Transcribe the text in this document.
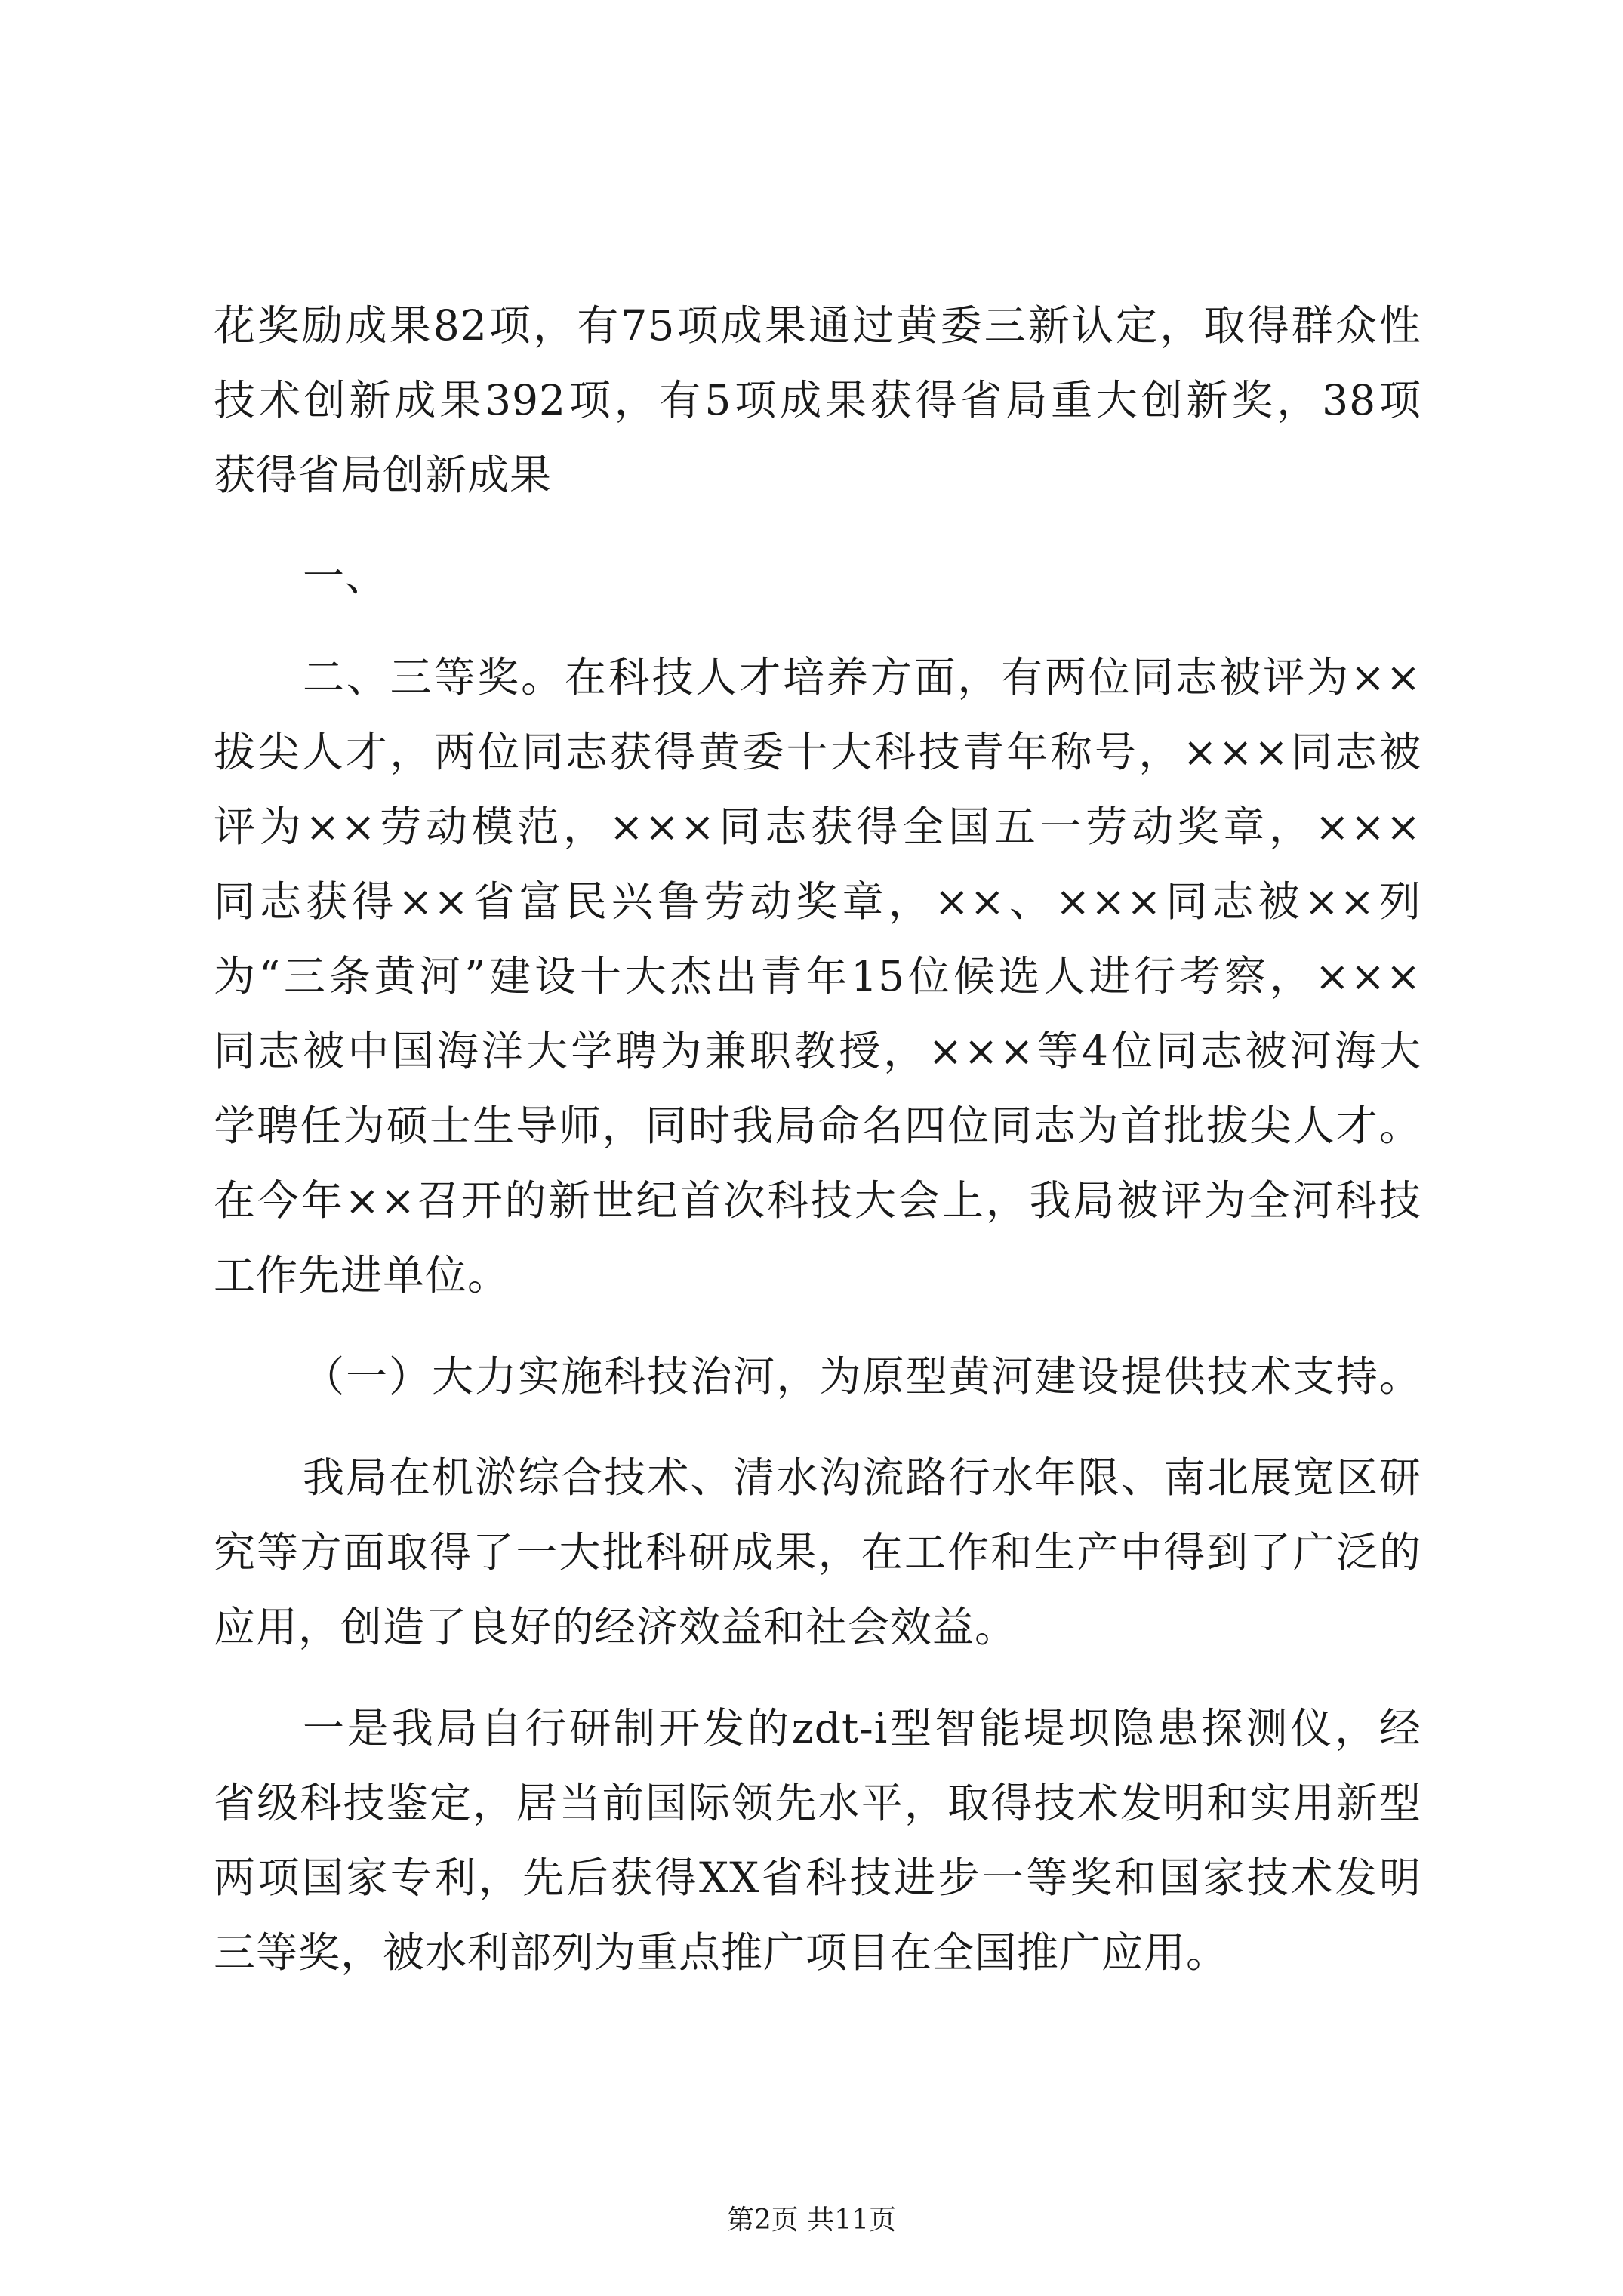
花奖励成果82项，有75项成果通过黄委三新认定，取得群众性
技术创新成果392项，有5项成果获得省局重大创新奖，38项
获得省局创新成果
一、
二、三等奖。在科技人才培养方面，有两位同志被评为××
拔尖人才，两位同志获得黄委十大科技青年称号，×××同志被
评为××劳动模范，×××同志获得全国五一劳动奖章，×××
同志获得××省富民兴鲁劳动奖章，××、×××同志被××列
为“三条黄河”建设十大杰出青年15位候选人进行考察，×××
同志被中国海洋大学聘为兼职教授，×××等4位同志被河海大
学聘任为硕士生导师，同时我局命名四位同志为首批拔尖人才。
在今年××召开的新世纪首次科技大会上，我局被评为全河科技
工作先进单位。
（一）大力实施科技治河，为原型黄河建设提供技术支持。
我局在机淤综合技术、清水沟流路行水年限、南北展宽区研
究等方面取得了一大批科研成果，在工作和生产中得到了广泛的
应用，创造了良好的经济效益和社会效益。
一是我局自行研制开发的zdt-i型智能堤坝隐患探测仪，经
省级科技鉴定，居当前国际领先水平，取得技术发明和实用新型
两项国家专利，先后获得XX省科技进步一等奖和国家技术发明
三等奖，被水利部列为重点推广项目在全国推广应用。
第2页 共11页
